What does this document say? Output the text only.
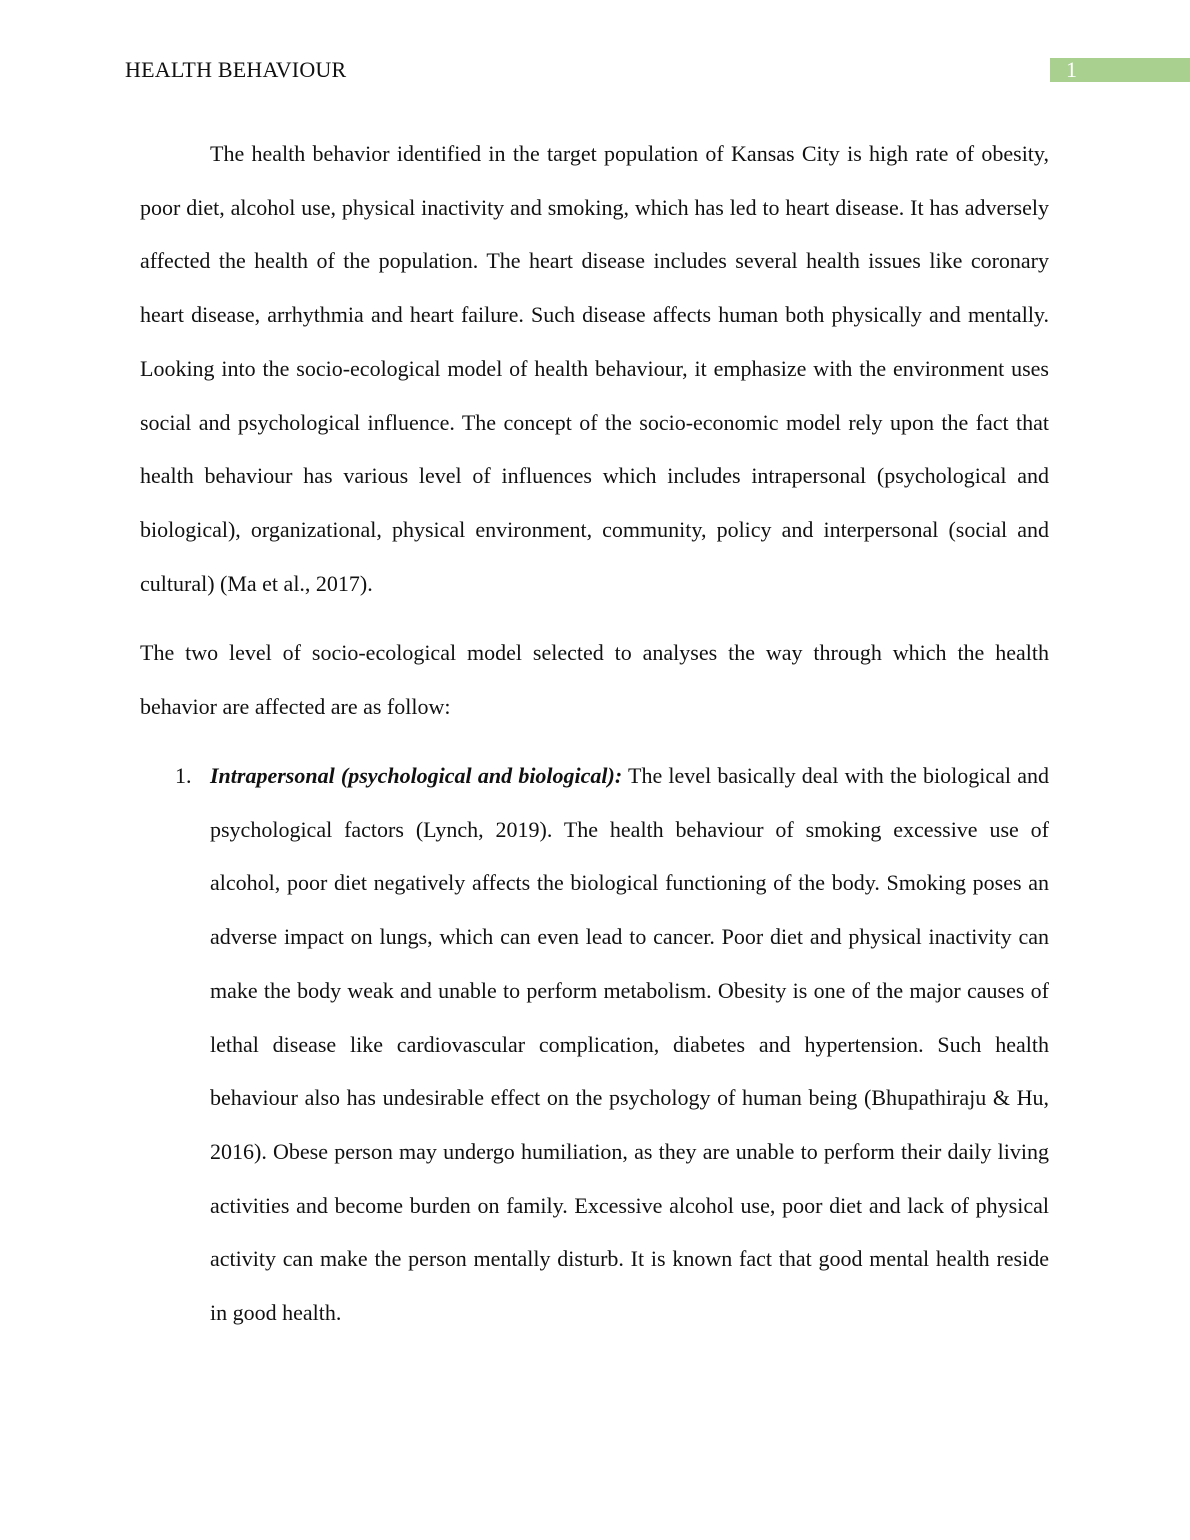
HEALTH BEHAVIOUR	1

The health behavior identified in the target population of Kansas City is high rate of obesity, poor diet, alcohol use, physical inactivity and smoking, which has led to heart disease. It has adversely affected the health of the population. The heart disease includes several health issues like coronary heart disease, arrhythmia and heart failure. Such disease affects human both physically and mentally. Looking into the socio-ecological model of health behaviour, it emphasize with the environment uses social and psychological influence. The concept of the socio-economic model rely upon the fact that health behaviour has various level of influences which includes intrapersonal (psychological and biological), organizational, physical environment, community, policy and interpersonal (social and cultural) (Ma et al., 2017).

The two level of socio-ecological model selected to analyses the way through which the health behavior are affected are as follow:

1. Intrapersonal (psychological and biological): The level basically deal with the biological and psychological factors (Lynch, 2019). The health behaviour of smoking excessive use of alcohol, poor diet negatively affects the biological functioning of the body. Smoking poses an adverse impact on lungs, which can even lead to cancer. Poor diet and physical inactivity can make the body weak and unable to perform metabolism. Obesity is one of the major causes of lethal disease like cardiovascular complication, diabetes and hypertension. Such health behaviour also has undesirable effect on the psychology of human being (Bhupathiraju & Hu, 2016). Obese person may undergo humiliation, as they are unable to perform their daily living activities and become burden on family. Excessive alcohol use, poor diet and lack of physical activity can make the person mentally disturb. It is known fact that good mental health reside in good health.
